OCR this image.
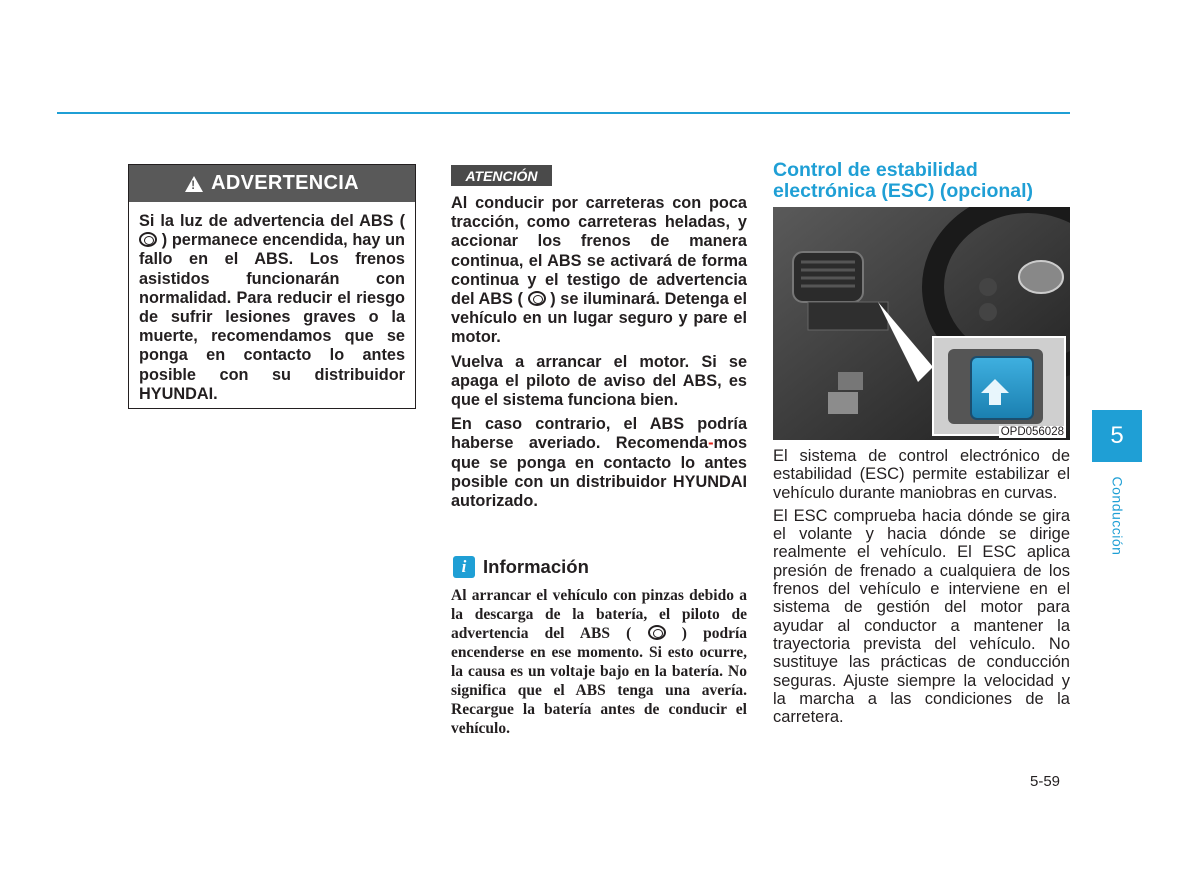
!
ADVERTENCIA
Si la luz de advertencia del ABS (  ) permanece encendida, hay un fallo en el ABS. Los frenos asistidos funcionarán con normalidad. Para reducir el riesgo de sufrir lesiones graves o la muerte, recomendamos que se ponga en contacto lo antes posible con su distribuidor HYUNDAI.
ATENCIÓN

Al conducir por carreteras con poca tracción, como carreteras heladas, y accionar los frenos de manera continua, el ABS se activará de forma continua y el testigo de advertencia del ABS ( ) se iluminará. Detenga el vehículo en un lugar seguro y pare el motor.

Vuelva a arrancar el motor. Si se apaga el piloto de aviso del ABS, es que el sistema funciona bien.

En caso contrario, el ABS podría haberse averiado. Recomenda-mos que se ponga en contacto lo antes posible con un distribuidor HYUNDAI autorizado.

i Información
Al arrancar el vehículo con pinzas debido a la descarga de la batería, el piloto de advertencia del ABS (	) podría encenderse en ese momento. Si esto ocurre, la causa es un voltaje bajo en la batería. No significa que el ABS tenga una avería. Recargue la batería antes de conducir el vehículo.
Control de estabilidad electrónica (ESC) (opcional)
OPD056028

El sistema de control electrónico de estabilidad (ESC) permite estabilizar el vehículo durante maniobras en curvas.

El ESC comprueba hacia dónde se gira el volante y hacia dónde se dirige realmente el vehículo. El ESC aplica presión de frenado a cualquiera de los frenos del vehículo e interviene en el sistema de gestión del motor para ayudar al conductor a mantener la trayectoria prevista del vehículo. No sustituye las prácticas de conducción seguras. Ajuste siempre la velocidad y la marcha a las condiciones de la carretera.

5
Conducción
5-59
